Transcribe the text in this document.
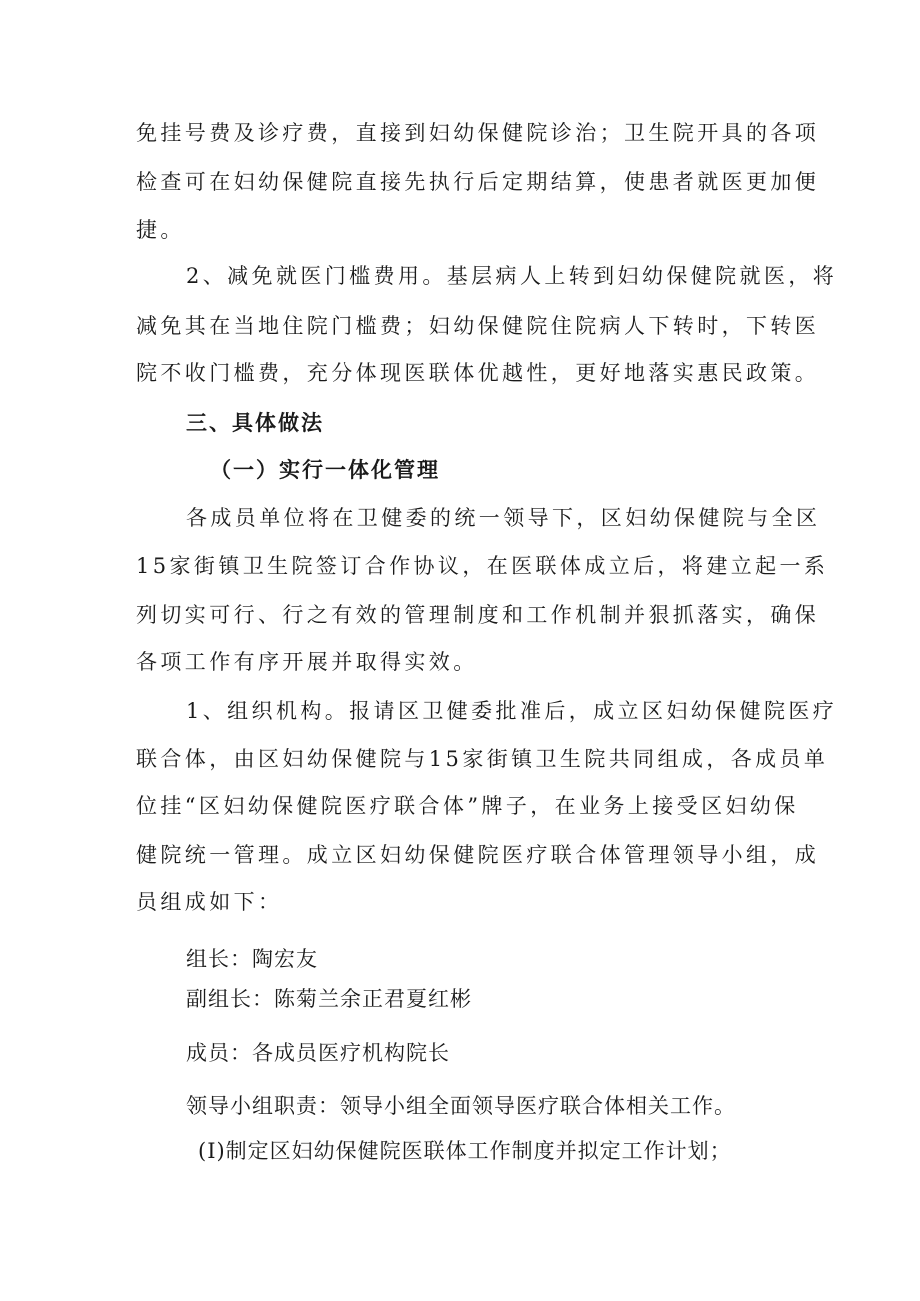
免挂号费及诊疗费，直接到妇幼保健院诊治；卫生院开具的各项
检查可在妇幼保健院直接先执行后定期结算，使患者就医更加便
捷。
2、减免就医门槛费用。基层病人上转到妇幼保健院就医，将
减免其在当地住院门槛费；妇幼保健院住院病人下转时，下转医
院不收门槛费，充分体现医联体优越性，更好地落实惠民政策。
三、具体做法
（一）实行一体化管理
各成员单位将在卫健委的统一领导下，区妇幼保健院与全区
15家街镇卫生院签订合作协议，在医联体成立后，将建立起一系
列切实可行、行之有效的管理制度和工作机制并狠抓落实，确保
各项工作有序开展并取得实效。
1、组织机构。报请区卫健委批准后，成立区妇幼保健院医疗
联合体，由区妇幼保健院与15家街镇卫生院共同组成，各成员单
位挂“区妇幼保健院医疗联合体”牌子，在业务上接受区妇幼保
健院统一管理。成立区妇幼保健院医疗联合体管理领导小组，成
员组成如下：
组长：陶宏友
副组长：陈菊兰余正君夏红彬
成员：各成员医疗机构院长
领导小组职责：领导小组全面领导医疗联合体相关工作。
(I)制定区妇幼保健院医联体工作制度并拟定工作计划；
